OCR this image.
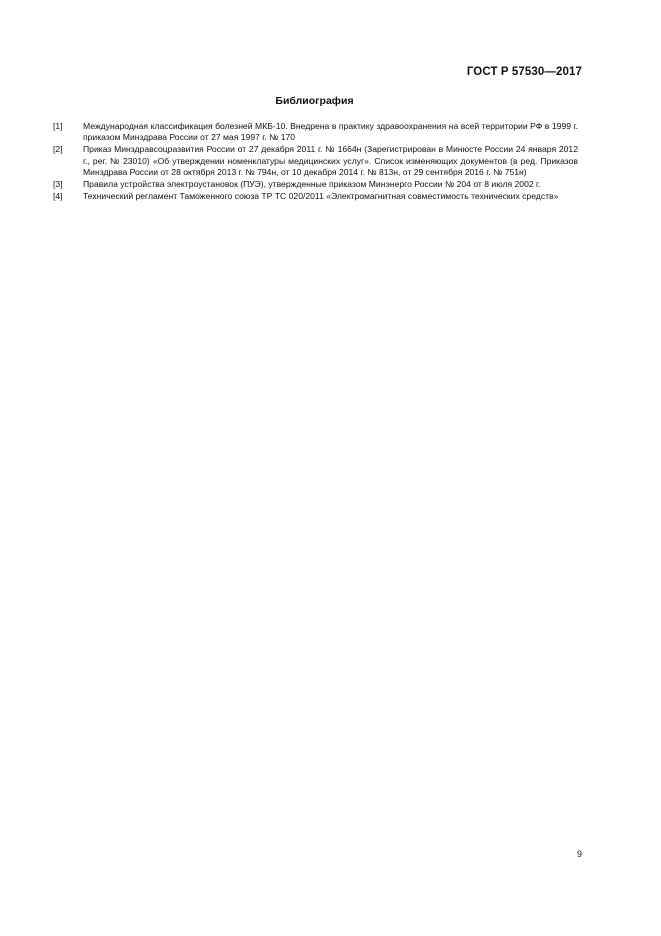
ГОСТ Р 57530—2017
Библиография
[1]	Международная классификация болезней МКБ-10. Внедрена в практику здравоохранения на всей территории РФ в 1999 г. приказом Минздрава России от 27 мая 1997 г. № 170
[2]	Приказ Минздравсоцразвития России от 27 декабря 2011 г. № 1664н (Зарегистрирован в Минюсте России 24 января 2012 г., рег. № 23010) «Об утверждении номенклатуры медицинских услуг». Список изменяющих документов (в ред. Приказов Минздрава России от 28 октября 2013 г. № 794н, от 10 декабря 2014 г. № 813н, от 29 сентября 2016 г. № 751н)
[3]	Правила устройства электроустановок (ПУЭ), утвержденные приказом Минэнерго России № 204 от 8 июля 2002 г.
[4]	Технический регламент Таможенного союза ТР ТС 020/2011 «Электромагнитная совместимость технических средств»
9
